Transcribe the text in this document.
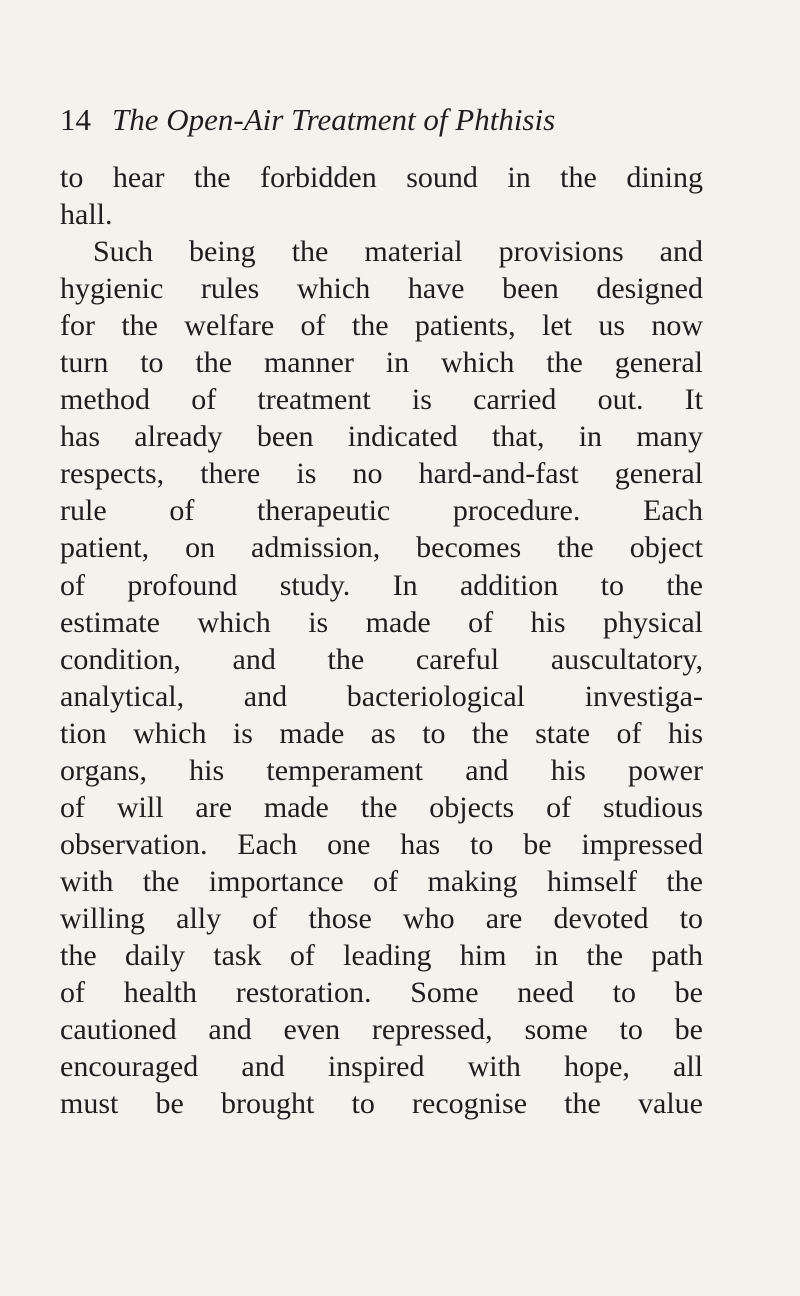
14 The Open-Air Treatment of Phthisis
to hear the forbidden sound in the dining
hall.
Such being the material provisions and
hygienic rules which have been designed
for the welfare of the patients, let us now
turn to the manner in which the general
method of treatment is carried out. It
has already been indicated that, in many
respects, there is no hard-and-fast general
rule of therapeutic procedure. Each
patient, on admission, becomes the object
of profound study. In addition to the
estimate which is made of his physical
condition, and the careful auscultatory,
analytical, and bacteriological investiga-
tion which is made as to the state of his
organs, his temperament and his power
of will are made the objects of studious
observation. Each one has to be impressed
with the importance of making himself the
willing ally of those who are devoted to
the daily task of leading him in the path
of health restoration. Some need to be
cautioned and even repressed, some to be
encouraged and inspired with hope, all
must be brought to recognise the value
